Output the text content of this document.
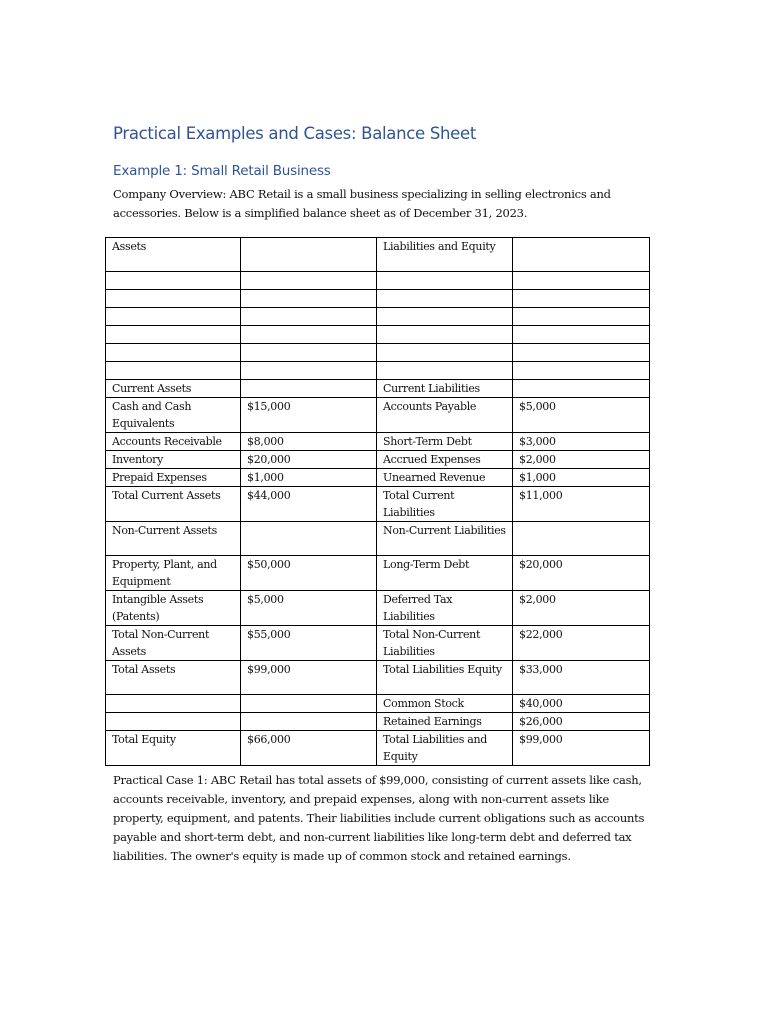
Practical Examples and Cases: Balance Sheet
Example 1: Small Retail Business

Company Overview: ABC Retail is a small business specializing in selling electronics and accessories. Below is a simplified balance sheet as of December 31, 2023.

Assets		Liabilities and Equity	

Current Assets		Current Liabilities	
Cash and Cash Equivalents	$15,000	Accounts Payable	$5,000
Accounts Receivable	$8,000	Short-Term Debt	$3,000
Inventory	$20,000	Accrued Expenses	$2,000
Prepaid Expenses	$1,000	Unearned Revenue	$1,000
Total Current Assets	$44,000	Total Current Liabilities	$11,000
Non-Current Assets		Non-Current Liabilities	
Property, Plant, and Equipment	$50,000	Long-Term Debt	$20,000
Intangible Assets (Patents)	$5,000	Deferred Tax Liabilities	$2,000
Total Non-Current Assets	$55,000	Total Non-Current Liabilities	$22,000
Total Assets	$99,000	Total Liabilities Equity	$33,000
		Common Stock	$40,000
		Retained Earnings	$26,000
Total Equity	$66,000	Total Liabilities and Equity	$99,000

Practical Case 1: ABC Retail has total assets of $99,000, consisting of current assets like cash, accounts receivable, inventory, and prepaid expenses, along with non-current assets like property, equipment, and patents. Their liabilities include current obligations such as accounts payable and short-term debt, and non-current liabilities like long-term debt and deferred tax liabilities. The owner's equity is made up of common stock and retained earnings.
